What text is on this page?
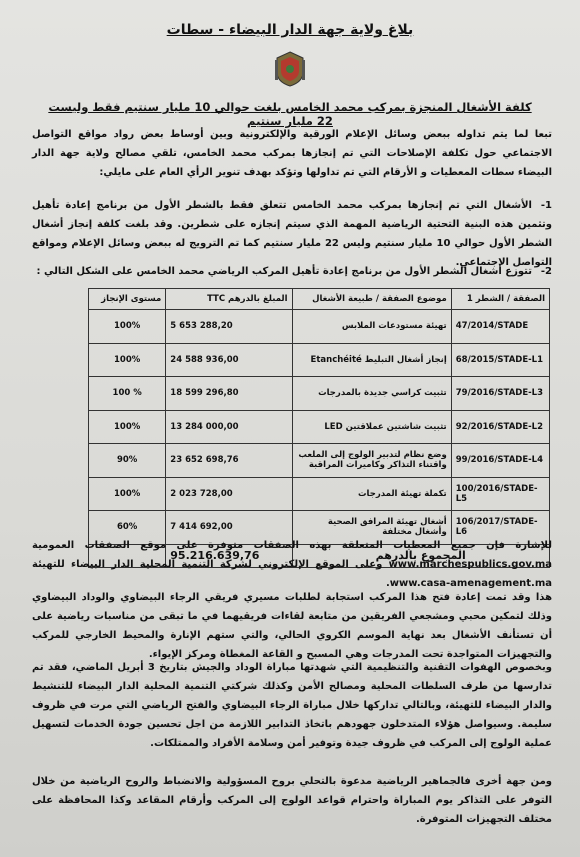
بلاغ ولاية جهة الدار البيضاء - سطات
كلفة الأشغال المنجزة بمركب محمد الخامس بلغت حوالي 10 مليار سنتيم فقط وليست 22 مليار سنتيم
تبعا لما يتم تداوله ببعض وسائل الإعلام الورقية والإلكترونية وبين أوساط بعض رواد مواقع التواصل الاجتماعي حول تكلفة الإصلاحات التي تم إنجازها بمركب محمد الخامس، تلقي مصالح ولاية جهة الدار البيضاء سطات المعطيات و الأرقام التي تم تداولها وتؤكد بهدف تنوير الرأي العام على مايلي:
1-الأشغال التي تم إنجازها بمركب محمد الخامس تتعلق فقط بالشطر الأول من برنامج إعادة تأهيل وتثمين هذه البنية التحتية الرياضية المهمة الذي سيتم إنجازه على شطرين. وقد بلغت كلفة إنجاز أشغال الشطر الأول حوالي 10 مليار سنتيم وليس 22 مليار سنتيم كما تم الترويج له ببعض وسائل الإعلام ومواقع التواصل الاجتماعي.
2-تتوزع أشغال الشطر الأول من برنامج إعادة تأهيل المركب الرياضي محمد الخامس على الشكل التالي :
الصفقة / الشطر 1	موضوع الصفقة / طبيعة الأشغال	المبلغ بالدرهم TTC	مستوى الإنجاز
47/2014/STADE	تهيئة مستودعات الملابس	5 653 288,20	100%
68/2015/STADE-L1	إنجاز أشغال التبليط Etanchéité	24 588 936,00	100%
79/2016/STADE-L3	تثبيت كراسي جديدة بالمدرجات	18 599 296,80	100 %
92/2016/STADE-L2	تثبيت شاشتين عملاقتين LED	13 284 000,00	100%
99/2016/STADE-L4	وضع نظام لتدبير الولوج إلى الملعب واقتناء التذاكر وكاميرات المراقبة	23 652 698,76	90%
100/2016/STADE-L5	تكملة تهيئة المدرجات	2 023 728,00	100%
106/2017/STADE-L6	أشغال تهيئة المرافق الصحية وأشغال مختلفة	7 414 692,00	60%
المجموع بالدرهم		95.216.639,76	
للإشارة فإن جميع المعطيات المتعلقة بهذه الصفقات متوفرة على موقع الصفقات العمومية www.marchespublics.gov.ma وعلى الموقع الإلكتروني لشركة التنمية المحلية الدار البيضاء للتهيئة www.casa-amenagement.ma.
هذا وقد تمت إعادة فتح هذا المركب استجابة لطلبات مسيري فريقي الرجاء البيضاوي والوداد البيضاوي وذلك لتمكين محبي ومشجعي الفريقين من متابعة لقاءات فريقيهما في ما تبقى من مناسبات رياضية على أن تستأنف الأشغال بعد نهاية الموسم الكروي الحالي، والتي ستهم الإنارة والمحيط الخارجي للمركب والتجهيزات المتواجدة تحت المدرجات وهي المسبح و القاعة المغطاة ومركز الإيواء.
وبخصوص الهفوات التقنية والتنظيمية التي شهدتها مباراة الوداد والجيش بتاريخ 3 أبريل الماضي، فقد تم تدارسها من طرف السلطات المحلية ومصالح الأمن وكذلك شركتي التنمية المحلية الدار البيضاء للتنشيط والدار البيضاء للتهيئة، وبالتالي تداركها خلال مباراة الرجاء البيضاوي والفتح الرياضي التي مرت في ظروف سليمة. وسيواصل هؤلاء المتدخلون جهودهم باتخاذ التدابير اللازمة من اجل تحسين جودة الخدمات لتسهيل عملية الولوج إلى المركب في ظروف جيدة وتوفير أمن وسلامة الأفراد والممتلكات.
ومن جهة أخرى فالجماهير الرياضية مدعوة بالتحلي بروح المسؤولية والانضباط والروح الرياضية من خلال التوفر على التذاكر يوم المباراة واحترام قواعد الولوج إلى المركب وأرقام المقاعد وكذا المحافظة على مختلف التجهيزات المتوفرة.
